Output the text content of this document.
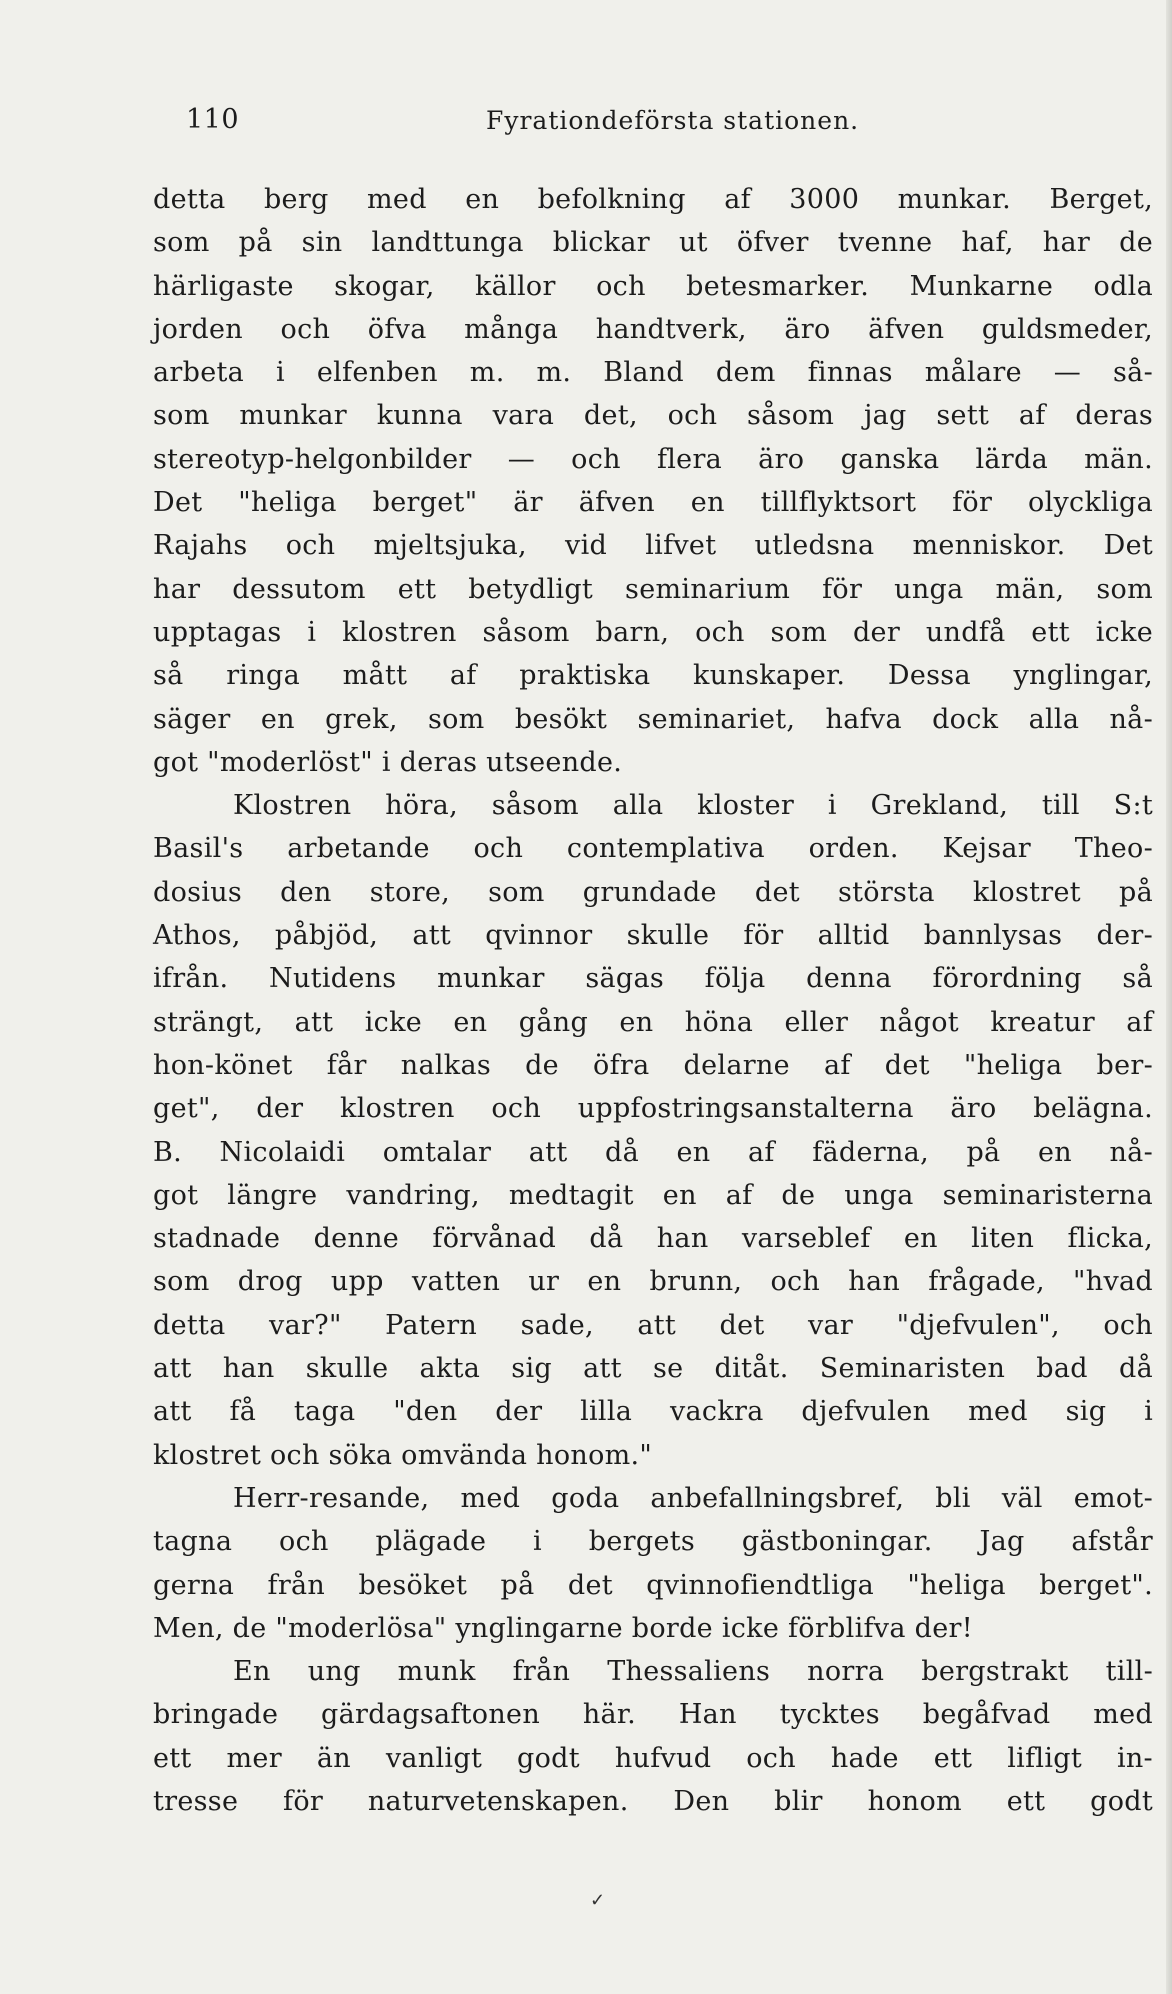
110	Fyrationdeförsta stationen.
detta berg med en befolkning af 3000 munkar. Berget,
som på sin landttunga blickar ut öfver tvenne haf, har de
härligaste skogar, källor och betesmarker. Munkarne odla
jorden och öfva många handtverk, äro äfven guldsmeder,
arbeta i elfenben m. m. Bland dem finnas målare — så-
som munkar kunna vara det, och såsom jag sett af deras
stereotyp-helgonbilder — och flera äro ganska lärda män.
Det "heliga berget" är äfven en tillflyktsort för olyckliga
Rajahs och mjeltsjuka, vid lifvet utledsna menniskor. Det
har dessutom ett betydligt seminarium för unga män, som
upptagas i klostren såsom barn, och som der undfå ett icke
så ringa mått af praktiska kunskaper. Dessa ynglingar,
säger en grek, som besökt seminariet, hafva dock alla nå-
got "moderlöst" i deras utseende.
Klostren höra, såsom alla kloster i Grekland, till S:t
Basil's arbetande och contemplativa orden. Kejsar Theo-
dosius den store, som grundade det största klostret på
Athos, påbjöd, att qvinnor skulle för alltid bannlysas der-
ifrån. Nutidens munkar sägas följa denna förordning så
strängt, att icke en gång en höna eller något kreatur af
hon-könet får nalkas de öfra delarne af det "heliga ber-
get", der klostren och uppfostringsanstalterna äro belägna.
B. Nicolaidi omtalar att då en af fäderna, på en nå-
got längre vandring, medtagit en af de unga seminaristerna
stadnade denne förvånad då han varseblef en liten flicka,
som drog upp vatten ur en brunn, och han frågade, "hvad
detta var?" Patern sade, att det var "djefvulen", och
att han skulle akta sig att se ditåt. Seminaristen bad då
att få taga "den der lilla vackra djefvulen med sig i
klostret och söka omvända honom."
Herr-resande, med goda anbefallningsbref, bli väl emot-
tagna och plägade i bergets gästboningar. Jag afstår
gerna från besöket på det qvinnofiendtliga "heliga berget".
Men, de "moderlösa" ynglingarne borde icke förblifva der!
En ung munk från Thessaliens norra bergstrakt till-
bringade gärdagsaftonen här. Han tycktes begåfvad med
ett mer än vanligt godt hufvud och hade ett lifligt in-
tresse för naturvetenskapen. Den blir honom ett godt
✓
